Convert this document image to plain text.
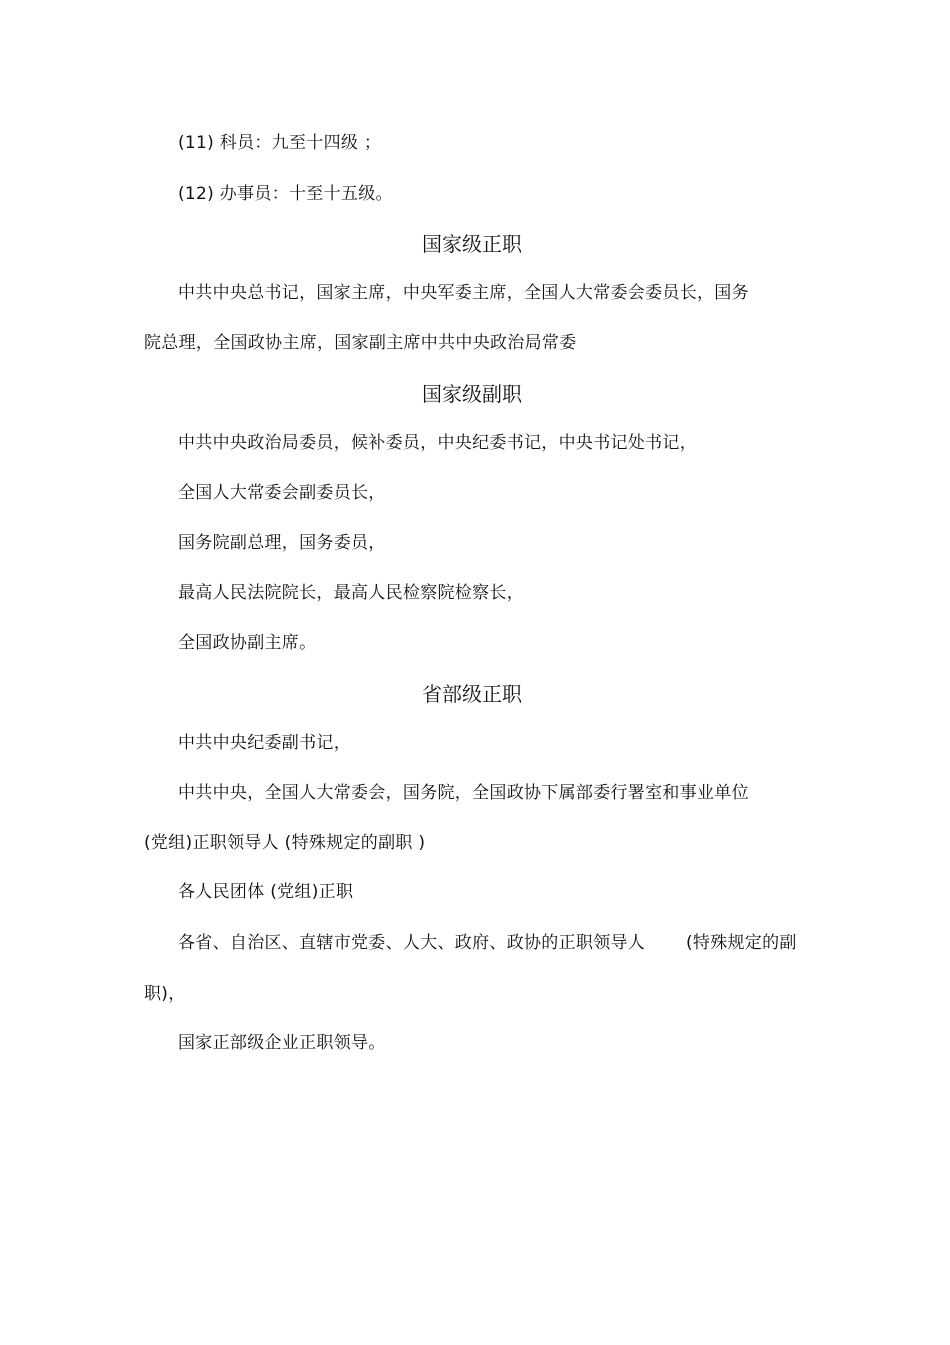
(11) 科员：九至十四级 ；
(12) 办事员：十至十五级。
国家级正职
中共中央总书记，国家主席，中央军委主席，全国人大常委会委员长，国务
院总理，全国政协主席，国家副主席中共中央政治局常委
国家级副职
中共中央政治局委员，候补委员，中央纪委书记，中央书记处书记，
全国人大常委会副委员长，
国务院副总理，国务委员，
最高人民法院院长，最高人民检察院检察长，
全国政协副主席。
省部级正职
中共中央纪委副书记，
中共中央，全国人大常委会，国务院，全国政协下属部委行署室和事业单位
(党组)正职领导人 (特殊规定的副职 )
各人民团体 (党组)正职
各省、自治区、直辖市党委、人大、政府、政协的正职领导人 (特殊规定的副
职)，
国家正部级企业正职领导。
